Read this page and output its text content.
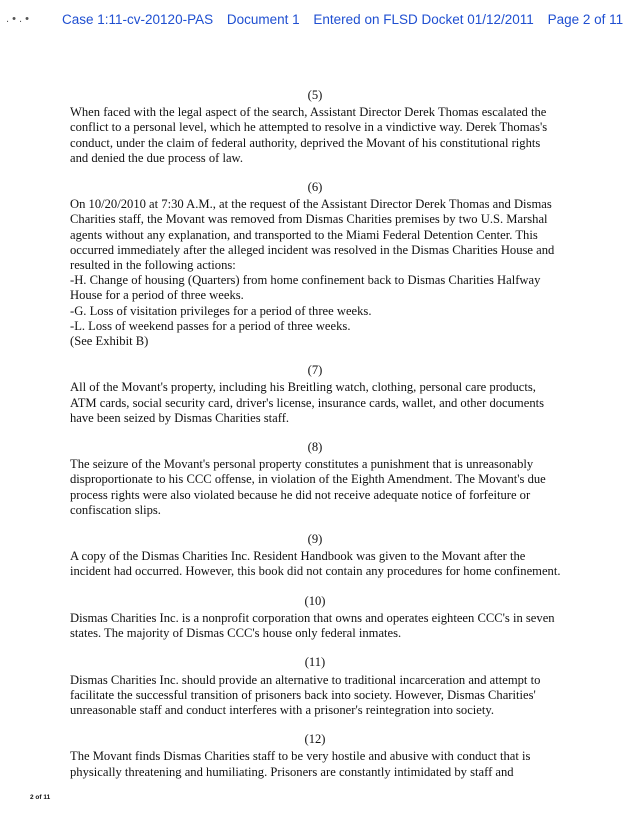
. • . • Case 1:11-cv-20120-PAS Document 1 Entered on FLSD Docket 01/12/2011 Page 2 of 11
(5)
When faced with the legal aspect of the search, Assistant Director Derek Thomas escalated the
conflict to a personal level, which he attempted to resolve in a vindictive way. Derek Thomas's
conduct, under the claim of federal authority, deprived the Movant of his constitutional rights
and denied the due process of law.
(6)
On 10/20/2010 at 7:30 A.M., at the request of the Assistant Director Derek Thomas and Dismas
Charities staff, the Movant was removed from Dismas Charities premises by two U.S. Marshal
agents without any explanation, and transported to the Miami Federal Detention Center. This
occurred immediately after the alleged incident was resolved in the Dismas Charities House and
resulted in the following actions:
-H. Change of housing (Quarters) from home confinement back to Dismas Charities Halfway
House for a period of three weeks.
-G. Loss of visitation privileges for a period of three weeks.
-L. Loss of weekend passes for a period of three weeks.
(See Exhibit B)
(7)
All of the Movant's property, including his Breitling watch, clothing, personal care products,
ATM cards, social security card, driver's license, insurance cards, wallet, and other documents
have been seized by Dismas Charities staff.
(8)
The seizure of the Movant's personal property constitutes a punishment that is unreasonably
disproportionate to his CCC offense, in violation of the Eighth Amendment. The Movant's due
process rights were also violated because he did not receive adequate notice of forfeiture or
confiscation slips.
(9)
A copy of the Dismas Charities Inc. Resident Handbook was given to the Movant after the
incident had occurred. However, this book did not contain any procedures for home confinement.
(10)
Dismas Charities Inc. is a nonprofit corporation that owns and operates eighteen CCC's in seven
states. The majority of Dismas CCC's house only federal inmates.
(11)
Dismas Charities Inc. should provide an alternative to traditional incarceration and attempt to
facilitate the successful transition of prisoners back into society. However, Dismas Charities'
unreasonable staff and conduct interferes with a prisoner's reintegration into society.
(12)
The Movant finds Dismas Charities staff to be very hostile and abusive with conduct that is
physically threatening and humiliating. Prisoners are constantly intimidated by staff and
2 of 11
